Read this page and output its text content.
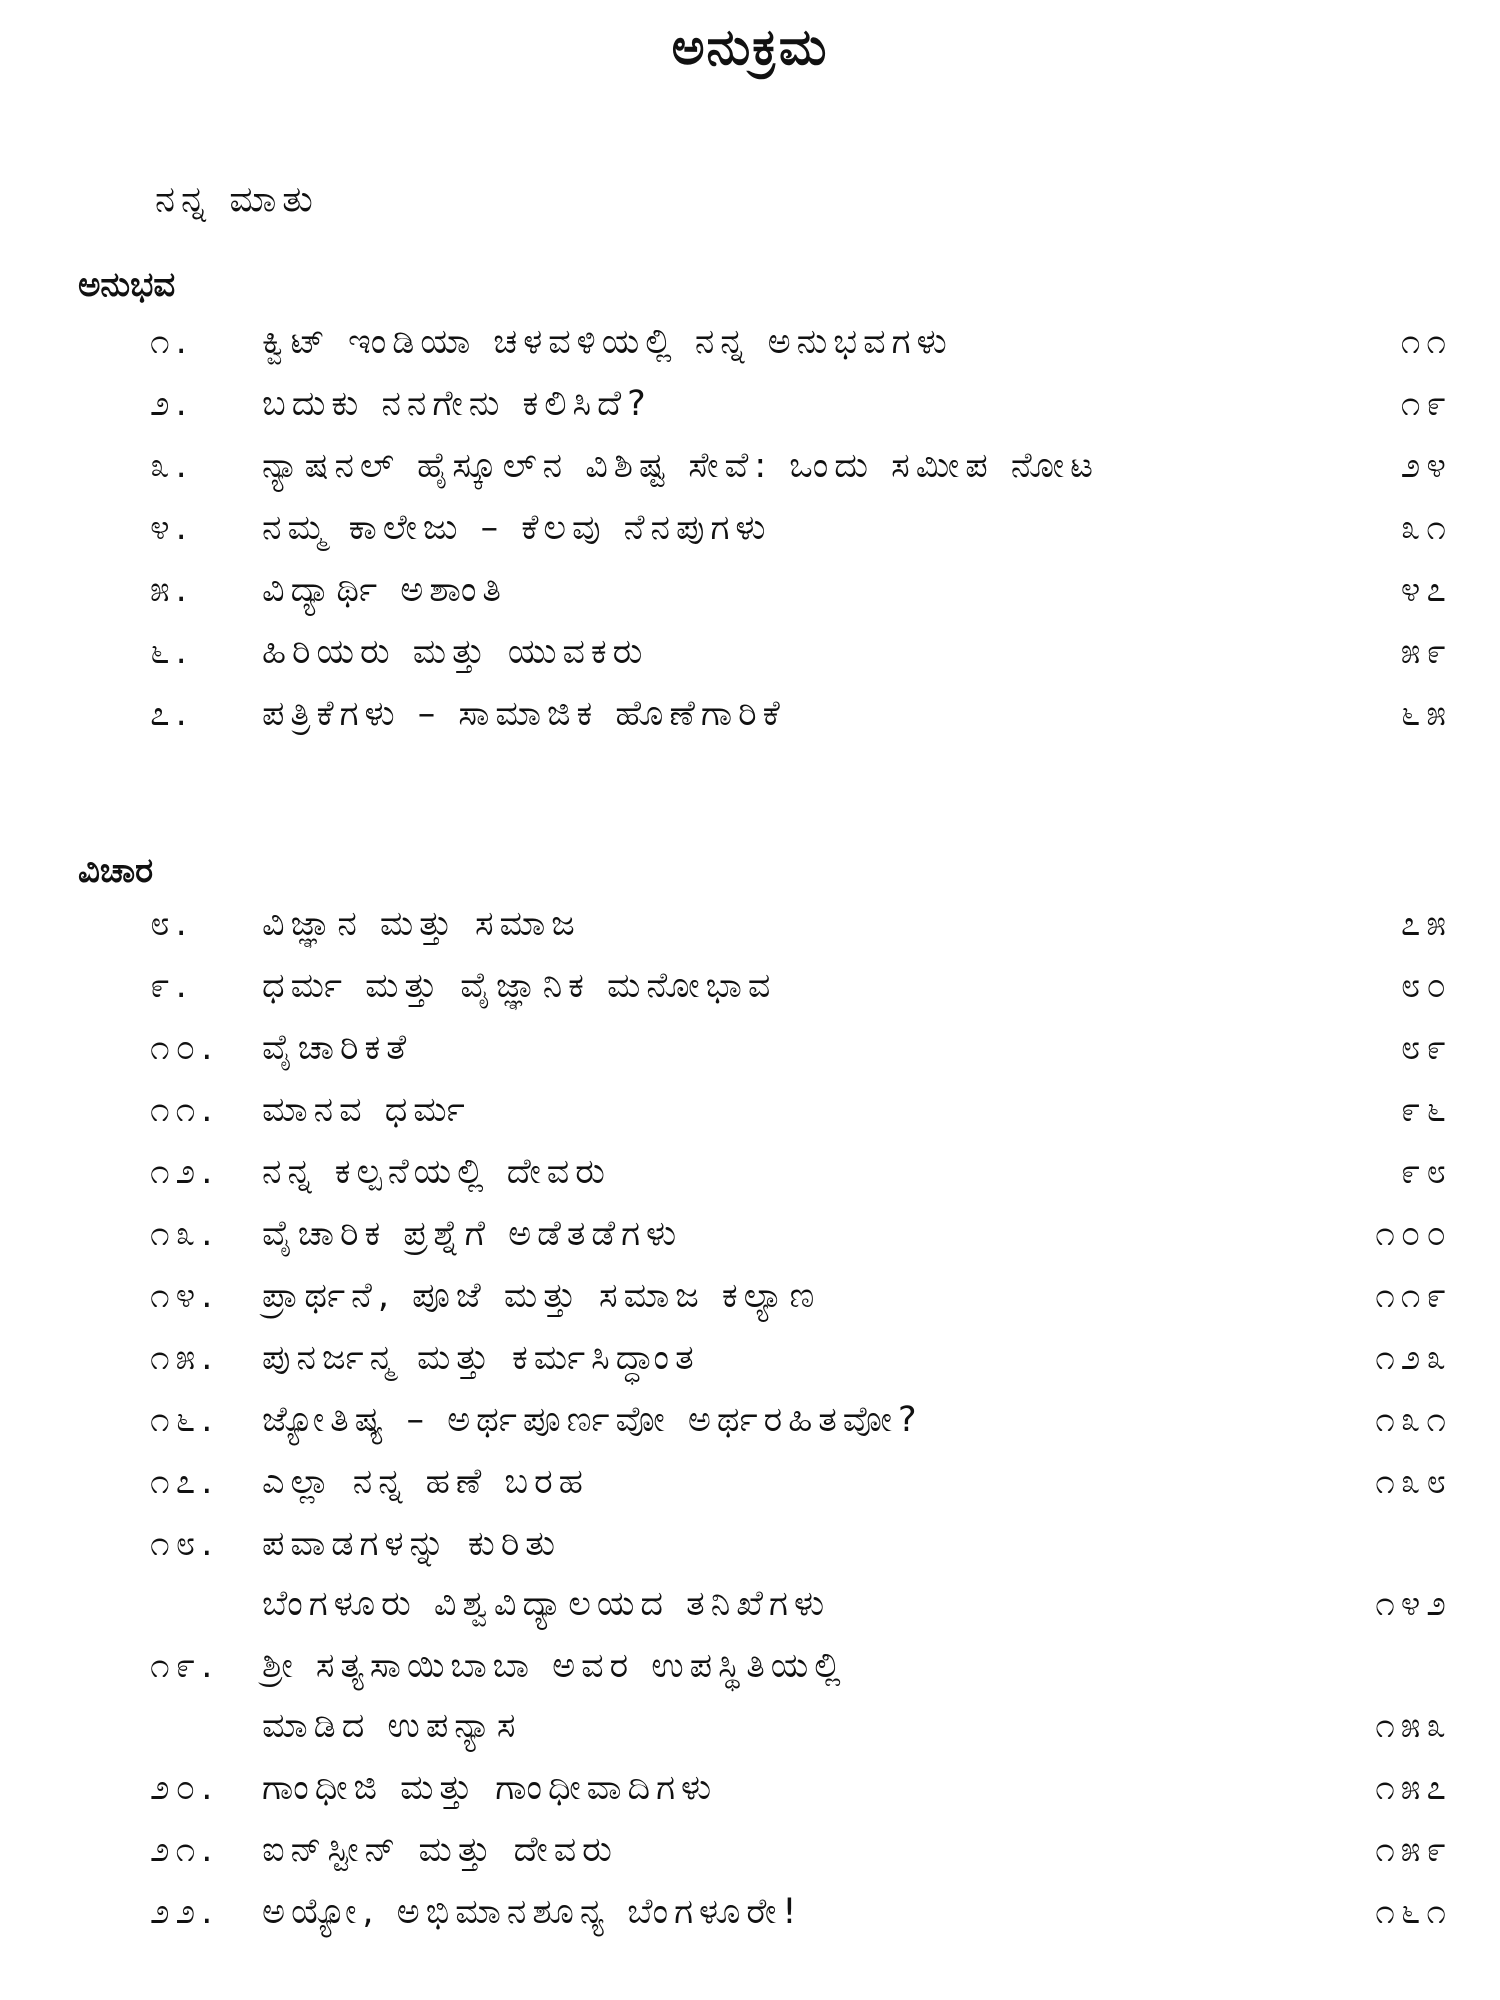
ಅನುಕ್ರಮ
ನನ್ನ ಮಾತು
ಅನುಭವ
೧. ಕ್ವಿಟ್ ಇಂಡಿಯಾ ಚಳವಳಿಯಲ್ಲಿ ನನ್ನ ಅನುಭವಗಳು	೧೧
೨. ಬದುಕು ನನಗೇನು ಕಲಿಸಿದೆ?	೧೯
೩. ನ್ಯಾಷನಲ್ ಹೈಸ್ಕೂಲ್‌ನ ವಿಶಿಷ್ಟ ಸೇವೆ: ಒಂದು ಸಮೀಪ ನೋಟ	೨೪
೪. ನಮ್ಮ ಕಾಲೇಜು – ಕೆಲವು ನೆನಪುಗಳು	೩೧
೫. ವಿದ್ಯಾರ್ಥಿ ಅಶಾಂತಿ	೪೭
೬. ಹಿರಿಯರು ಮತ್ತು ಯುವಕರು	೫೯
೭. ಪತ್ರಿಕೆಗಳು – ಸಾಮಾಜಿಕ ಹೊಣೆಗಾರಿಕೆ	೬೫
ವಿಚಾರ
೮. ವಿಜ್ಞಾನ ಮತ್ತು ಸಮಾಜ	೭೫
೯. ಧರ್ಮ ಮತ್ತು ವೈಜ್ಞಾನಿಕ ಮನೋಭಾವ	೮೦
೧೦. ವೈಚಾರಿಕತೆ	೮೯
೧೧. ಮಾನವ ಧರ್ಮ	೯೬
೧೨. ನನ್ನ ಕಲ್ಪನೆಯಲ್ಲಿ ದೇವರು	೯೮
೧೩. ವೈಚಾರಿಕ ಪ್ರಶ್ನೆಗೆ ಅಡೆತಡೆಗಳು	೧೦೦
೧೪. ಪ್ರಾರ್ಥನೆ, ಪೂಜೆ ಮತ್ತು ಸಮಾಜ ಕಲ್ಯಾಣ	೧೧೯
೧೫. ಪುನರ್ಜನ್ಮ ಮತ್ತು ಕರ್ಮಸಿದ್ಧಾಂತ	೧೨೩
೧೬. ಜ್ಯೋತಿಷ್ಯ – ಅರ್ಥಪೂರ್ಣವೋ ಅರ್ಥರಹಿತವೋ?	೧೩೧
೧೭. ಎಲ್ಲಾ ನನ್ನ ಹಣೆ ಬರಹ	೧೩೮
೧೮. ಪವಾಡಗಳನ್ನು ಕುರಿತು
ಬೆಂಗಳೂರು ವಿಶ್ವವಿದ್ಯಾಲಯದ ತನಿಖೆಗಳು	೧೪೨
೧೯. ಶ್ರೀ ಸತ್ಯಸಾಯಿಬಾಬಾ ಅವರ ಉಪಸ್ಥಿತಿಯಲ್ಲಿ
ಮಾಡಿದ ಉಪನ್ಯಾಸ	೧೫೩
೨೦. ಗಾಂಧೀಜಿ ಮತ್ತು ಗಾಂಧೀವಾದಿಗಳು	೧೫೭
೨೧. ಐನ್‌ಸ್ಟೀನ್ ಮತ್ತು ದೇವರು	೧೫೯
೨೨. ಅಯ್ಯೋ, ಅಭಿಮಾನಶೂನ್ಯ ಬೆಂಗಳೂರೇ!	೧೬೧
